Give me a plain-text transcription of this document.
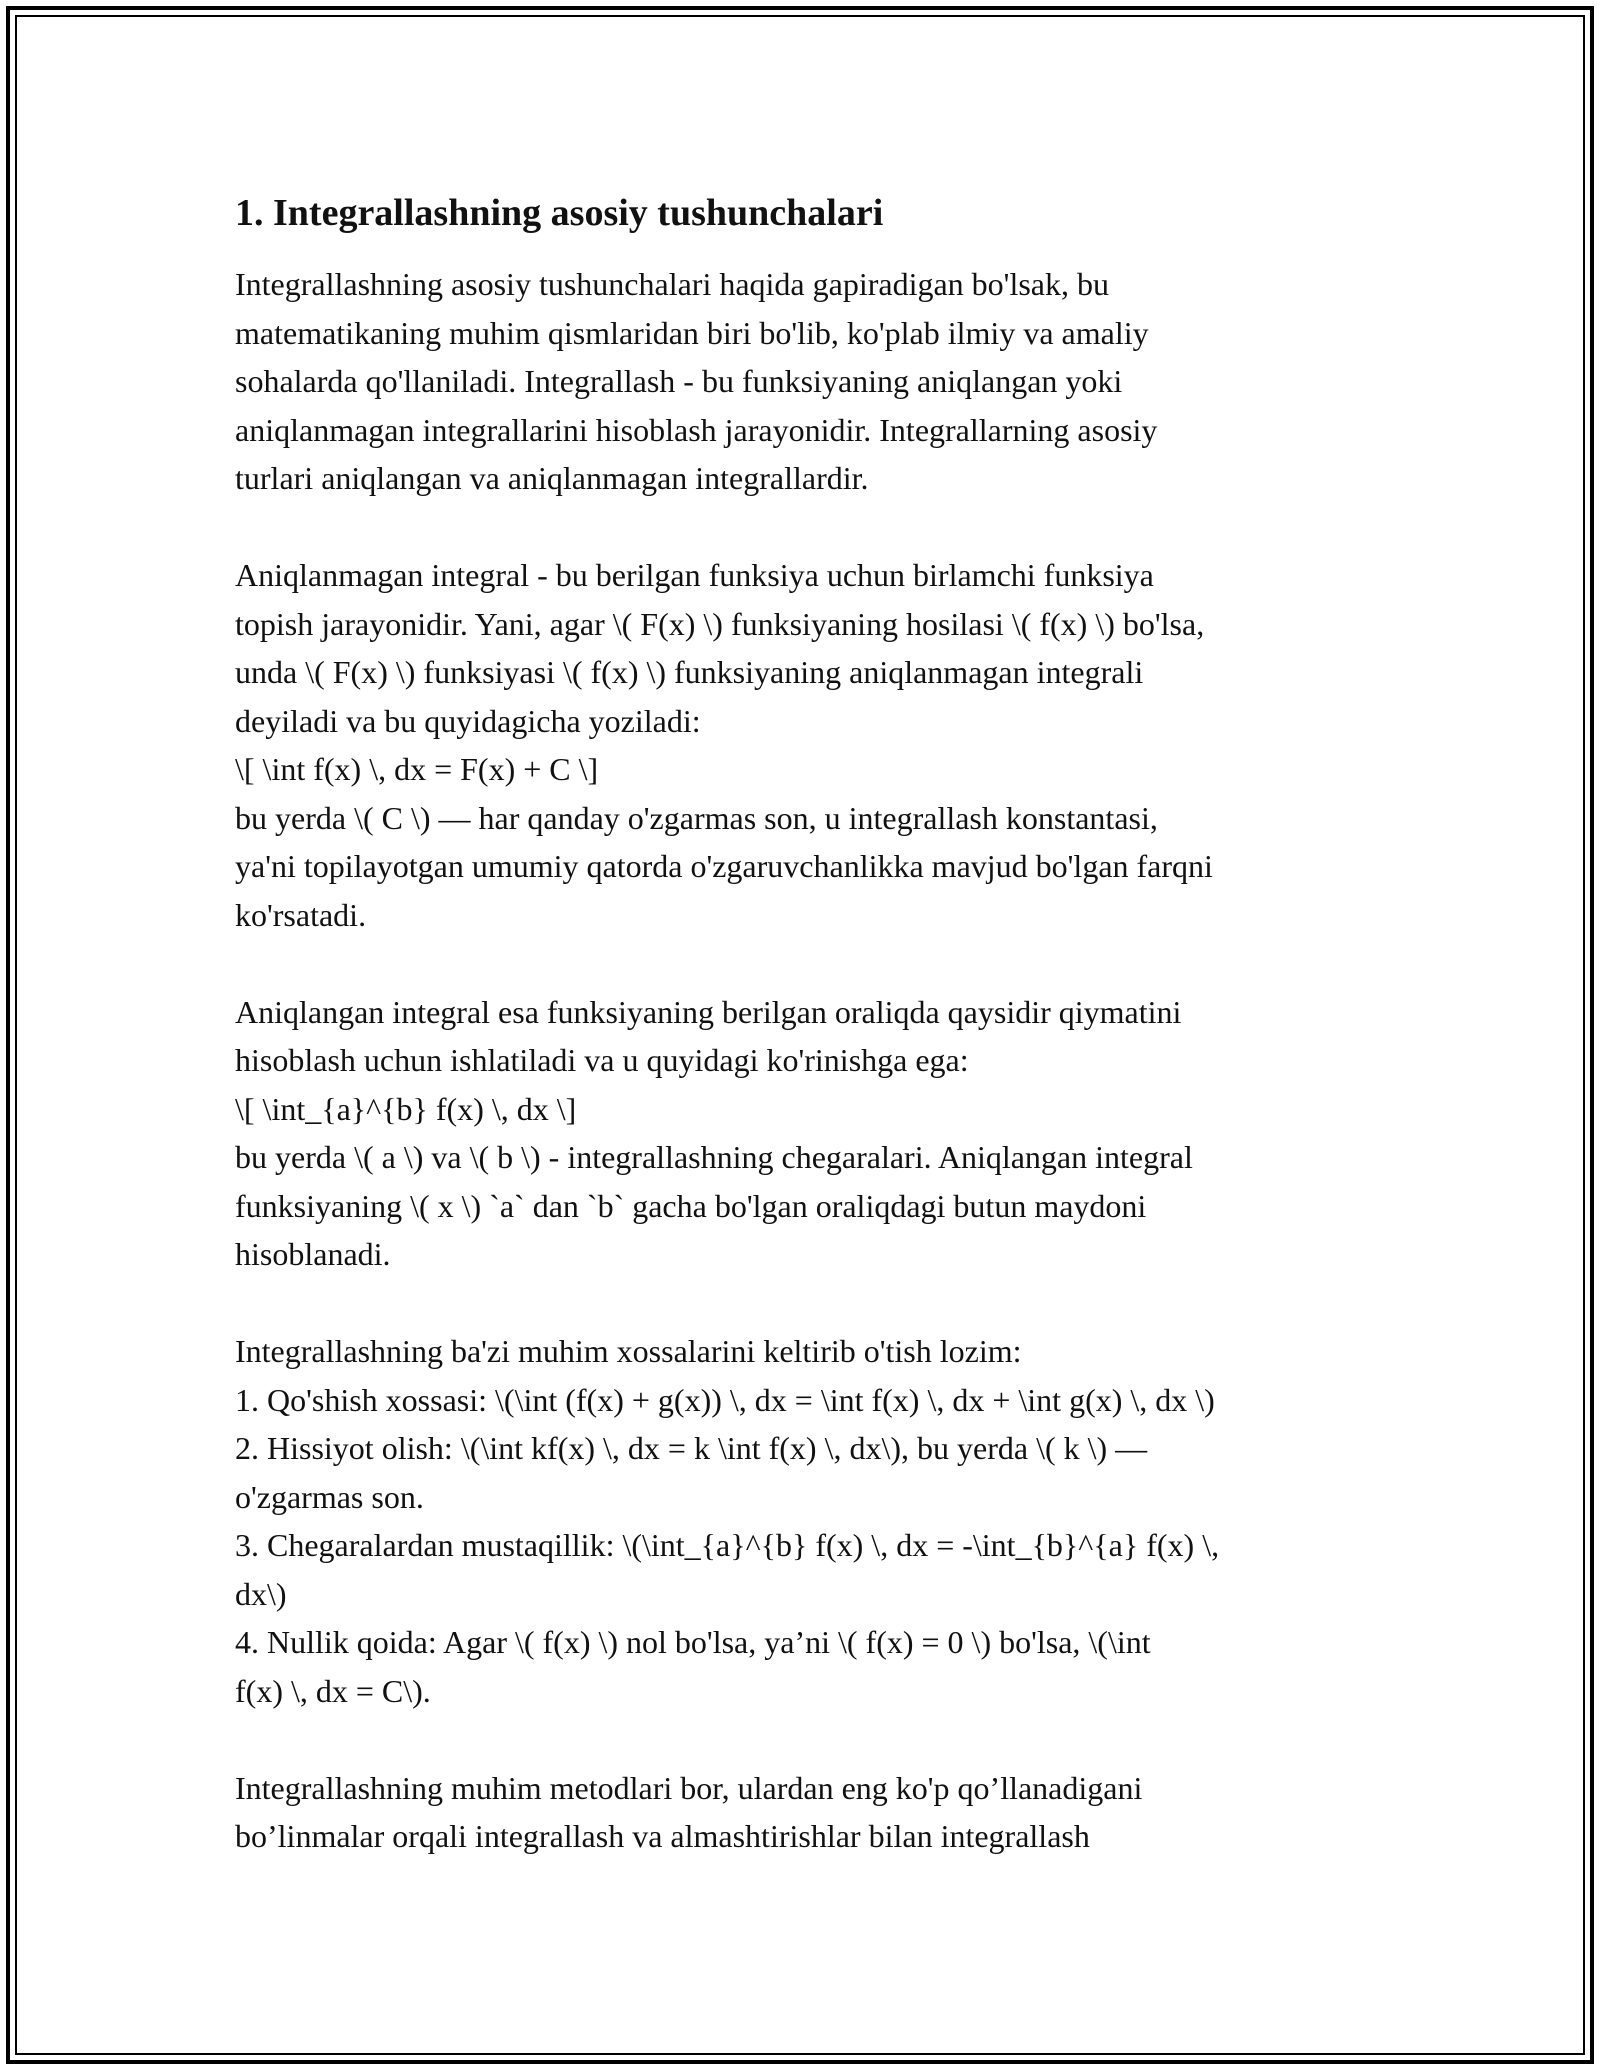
1. Integrallashning asosiy tushunchalari
Integrallashning asosiy tushunchalari haqida gapiradigan bo'lsak, bu
matematikaning muhim qismlaridan biri bo'lib, ko'plab ilmiy va amaliy
sohalarda qo'llaniladi. Integrallash - bu funksiyaning aniqlangan yoki
aniqlanmagan integrallarini hisoblash jarayonidir. Integrallarning asosiy
turlari aniqlangan va aniqlanmagan integrallardir.
Aniqlanmagan integral - bu berilgan funksiya uchun birlamchi funksiya
topish jarayonidir. Yani, agar \( F(x) \) funksiyaning hosilasi \( f(x) \) bo'lsa,
unda \( F(x) \) funksiyasi \( f(x) \) funksiyaning aniqlanmagan integrali
deyiladi va bu quyidagicha yoziladi:
\[ \int f(x) \, dx = F(x) + C \]
bu yerda \( C \) — har qanday o'zgarmas son, u integrallash konstantasi,
ya'ni topilayotgan umumiy qatorda o'zgaruvchanlikka mavjud bo'lgan farqni
ko'rsatadi.
Aniqlangan integral esa funksiyaning berilgan oraliqda qaysidir qiymatini
hisoblash uchun ishlatiladi va u quyidagi ko'rinishga ega:
\[ \int_{a}^{b} f(x) \, dx \]
bu yerda \( a \) va \( b \) - integrallashning chegaralari. Aniqlangan integral
funksiyaning \( x \) `a` dan `b` gacha bo'lgan oraliqdagi butun maydoni
hisoblanadi.
Integrallashning ba'zi muhim xossalarini keltirib o'tish lozim:
1. Qo'shish xossasi: \(\int (f(x) + g(x)) \, dx = \int f(x) \, dx + \int g(x) \, dx \)
2. Hissiyot olish: \(\int kf(x) \, dx = k \int f(x) \, dx\), bu yerda \( k \) —
o'zgarmas son.
3. Chegaralardan mustaqillik: \(\int_{a}^{b} f(x) \, dx = -\int_{b}^{a} f(x) \,
dx\)
4. Nullik qoida: Agar \( f(x) \) nol bo'lsa, ya’ni \( f(x) = 0 \) bo'lsa, \(\int
f(x) \, dx = C\).
Integrallashning muhim metodlari bor, ulardan eng ko'p qo’llanadigani
bo’linmalar orqali integrallash va almashtirishlar bilan integrallash
